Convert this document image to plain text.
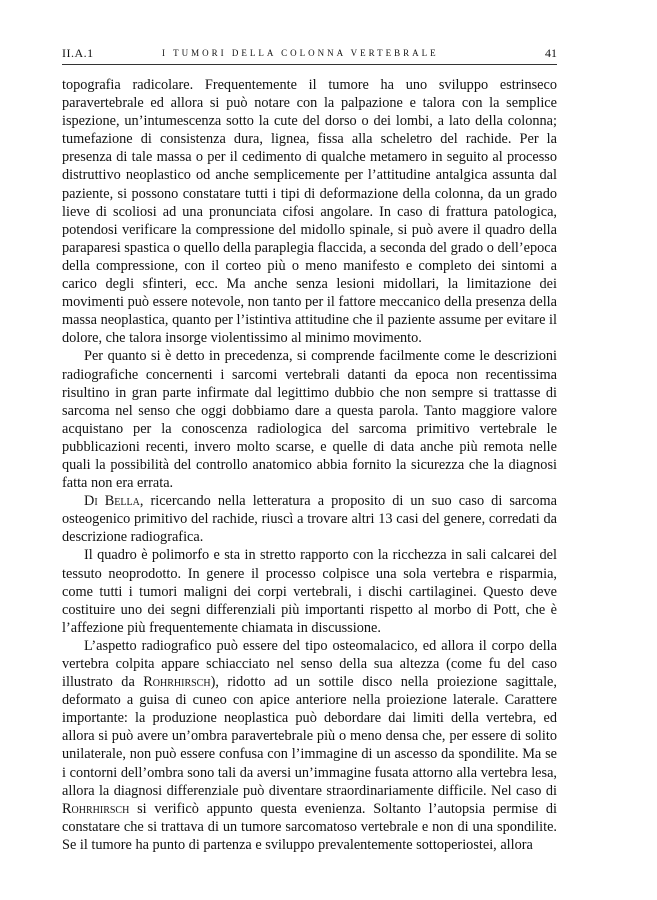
II.A.1	I TUMORI DELLA COLONNA VERTEBRALE	41

topografia radicolare. Frequentemente il tumore ha uno sviluppo estrinseco paravertebrale ed allora si può notare con la palpazione e talora con la semplice ispezione, un’intumescenza sotto la cute del dorso o dei lombi, a lato della colonna; tumefazione di consistenza dura, lignea, fissa alla scheletro del rachide. Per la presenza di tale massa o per il cedimento di qualche metamero in seguito al processo distruttivo neoplastico od anche semplicemente per l’attitudine antalgica assunta dal paziente, si possono constatare tutti i tipi di deformazione della colonna, da un grado lieve di scoliosi ad una pronunciata cifosi angolare. In caso di frattura patologica, potendosi verificare la compressione del midollo spinale, si può avere il quadro della paraparesi spastica o quello della paraplegia flaccida, a seconda del grado o dell’epoca della compressione, con il corteo più o meno manifesto e completo dei sintomi a carico degli sfinteri, ecc. Ma anche senza lesioni midollari, la limitazione dei movimenti può essere notevole, non tanto per il fattore meccanico della presenza della massa neoplastica, quanto per l’istintiva attitudine che il paziente assume per evitare il dolore, che talora insorge violentissimo al minimo movimento.

Per quanto si è detto in precedenza, si comprende facilmente come le descrizioni radiografiche concernenti i sarcomi vertebrali datanti da epoca non recentissima risultino in gran parte infirmate dal legittimo dubbio che non sempre si trattasse di sarcoma nel senso che oggi dobbiamo dare a questa parola. Tanto maggiore valore acquistano per la conoscenza radiologica del sarcoma primitivo vertebrale le pubblicazioni recenti, invero molto scarse, e quelle di data anche più remota nelle quali la possibilità del controllo anatomico abbia fornito la sicurezza che la diagnosi fatta non era errata.

Di Bella, ricercando nella letteratura a proposito di un suo caso di sarcoma osteogenico primitivo del rachide, riuscì a trovare altri 13 casi del genere, corredati da descrizione radiografica.

Il quadro è polimorfo e sta in stretto rapporto con la ricchezza in sali calcarei del tessuto neoprodotto. In genere il processo colpisce una sola vertebra e risparmia, come tutti i tumori maligni dei corpi vertebrali, i dischi cartilaginei. Questo deve costituire uno dei segni differenziali più importanti rispetto al morbo di Pott, che è l’affezione più frequentemente chiamata in discussione.

L’aspetto radiografico può essere del tipo osteomalacico, ed allora il corpo della vertebra colpita appare schiacciato nel senso della sua altezza (come fu del caso illustrato da Rohrhirsch), ridotto ad un sottile disco nella proiezione sagittale, deformato a guisa di cuneo con apice anteriore nella proiezione laterale. Carattere importante: la produzione neoplastica può debordare dai limiti della vertebra, ed allora si può avere un’ombra paravertebrale più o meno densa che, per essere di solito unilaterale, non può essere confusa con l’immagine di un ascesso da spondilite. Ma se i contorni dell’ombra sono tali da aversi un’immagine fusata attorno alla vertebra lesa, allora la diagnosi differenziale può diventare straordinariamente difficile. Nel caso di Rohrhirsch si verificò appunto questa evenienza. Soltanto l’autopsia permise di constatare che si trattava di un tumore sarcomatoso vertebrale e non di una spondilite. Se il tumore ha punto di partenza e sviluppo prevalentemente sottoperiostei, allora
